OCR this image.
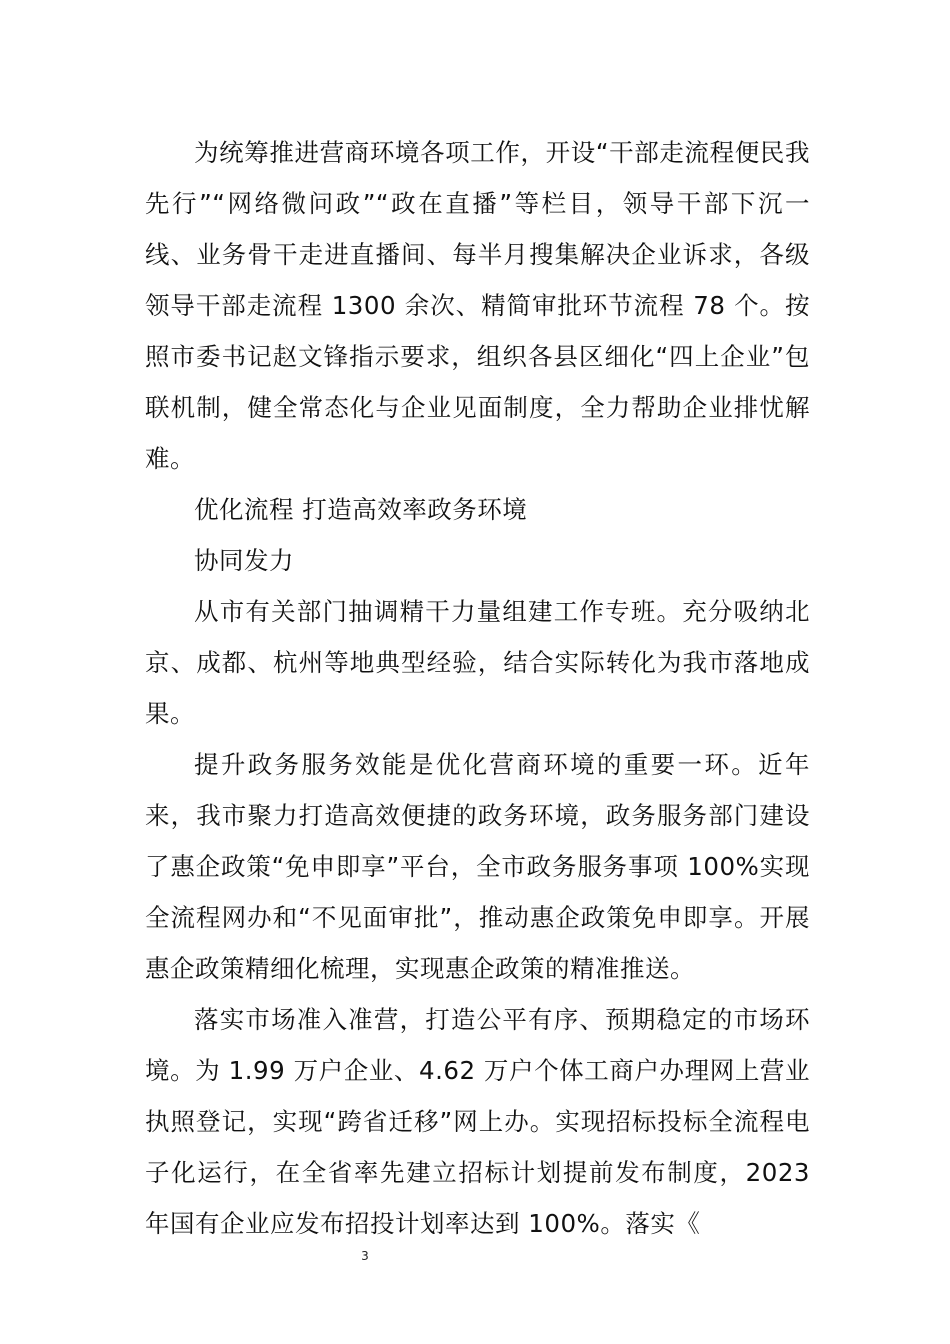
为统筹推进营商环境各项工作，开设“干部走流程便民我先行”“网络微问政”“政在直播”等栏目，领导干部下沉一线、业务骨干走进直播间、每半月搜集解决企业诉求，各级领导干部走流程 1300 余次、精简审批环节流程 78 个。按照市委书记赵文锋指示要求，组织各县区细化“四上企业”包联机制，健全常态化与企业见面制度，全力帮助企业排忧解难。

优化流程 打造高效率政务环境

协同发力

从市有关部门抽调精干力量组建工作专班。充分吸纳北京、成都、杭州等地典型经验，结合实际转化为我市落地成果。

提升政务服务效能是优化营商环境的重要一环。近年来，我市聚力打造高效便捷的政务环境，政务服务部门建设了惠企政策“免申即享”平台，全市政务服务事项 100%实现全流程网办和“不见面审批”，推动惠企政策免申即享。开展惠企政策精细化梳理，实现惠企政策的精准推送。

落实市场准入准营，打造公平有序、预期稳定的市场环境。为 1.99 万户企业、4.62 万户个体工商户办理网上营业执照登记，实现“跨省迁移”网上办。实现招标投标全流程电子化运行，在全省率先建立招标计划提前发布制度，2023 年国有企业应发布招投计划率达到 100%。落实《

3
